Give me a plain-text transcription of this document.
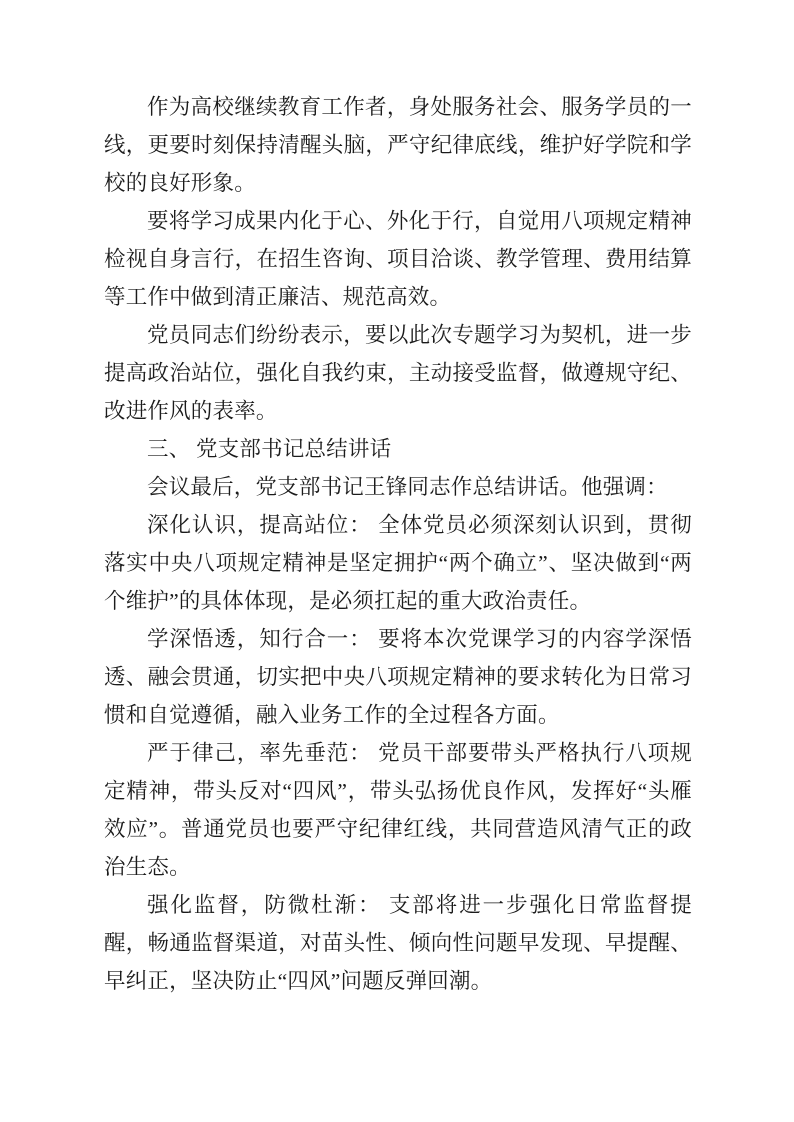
作为高校继续教育工作者，身处服务社会、服务学员的一线，更要时刻保持清醒头脑，严守纪律底线，维护好学院和学校的良好形象。

要将学习成果内化于心、外化于行，自觉用八项规定精神检视自身言行，在招生咨询、项目洽谈、教学管理、费用结算等工作中做到清正廉洁、规范高效。

党员同志们纷纷表示，要以此次专题学习为契机，进一步提高政治站位，强化自我约束，主动接受监督，做遵规守纪、改进作风的表率。

三、 党支部书记总结讲话

会议最后，党支部书记王锋同志作总结讲话。他强调：

深化认识，提高站位： 全体党员必须深刻认识到，贯彻落实中央八项规定精神是坚定拥护“两个确立”、坚决做到“两个维护”的具体体现，是必须扛起的重大政治责任。

学深悟透，知行合一： 要将本次党课学习的内容学深悟透、融会贯通，切实把中央八项规定精神的要求转化为日常习惯和自觉遵循，融入业务工作的全过程各方面。

严于律己，率先垂范： 党员干部要带头严格执行八项规定精神，带头反对“四风”，带头弘扬优良作风，发挥好“头雁效应”。普通党员也要严守纪律红线，共同营造风清气正的政治生态。

强化监督，防微杜渐： 支部将进一步强化日常监督提醒，畅通监督渠道，对苗头性、倾向性问题早发现、早提醒、早纠正，坚决防止“四风”问题反弹回潮。
